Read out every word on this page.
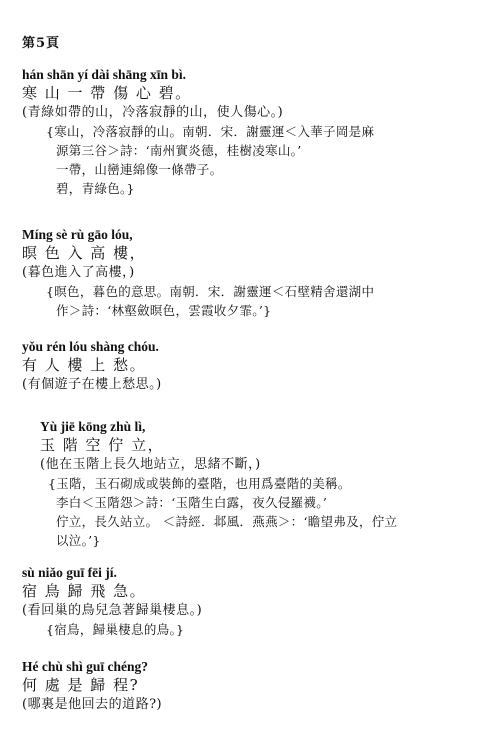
第5頁
hán shān yí dài shāng xīn bì.
寒 山 一 帶 傷 心 碧。
(青綠如帶的山，冷落寂靜的山，使人傷心。)
{寒山，冷落寂靜的山。南朝．宋．謝靈運＜入華子岡是麻
源第三谷＞詩：‘南州實炎德，桂樹凌寒山。’
一帶，山巒連綿像一條帶子。
碧，青綠色。}
Míng sè rù gāo lóu,
暝 色 入 高 樓，
(暮色進入了高樓，)
{暝色，暮色的意思。南朝．宋．謝靈運＜石壁精舍還湖中
作＞詩：‘林壑斂暝色，雲霞收夕霏。’}
yǒu rén lóu shàng chóu.
有 人 樓 上 愁。
(有個遊子在樓上愁思。)
Yù jiē kōng zhù lì,
玉 階 空 佇 立，
(他在玉階上長久地站立，思緒不斷，)
{玉階，玉石砌成或裝飾的臺階，也用爲臺階的美稱。
李白＜玉階怨＞詩：‘玉階生白露，夜久侵羅襪。’
佇立，長久站立。 ＜詩經．邶風．燕燕＞：‘瞻望弗及，佇立
以泣。’}
sù niǎo guī fēi jí.
宿 鳥 歸 飛 急。
(看回巢的鳥兒急著歸巢棲息。)
{宿鳥，歸巢棲息的鳥。}
Hé chù shì guī chéng?
何 處 是 歸 程?
(哪裏是他回去的道路?)
